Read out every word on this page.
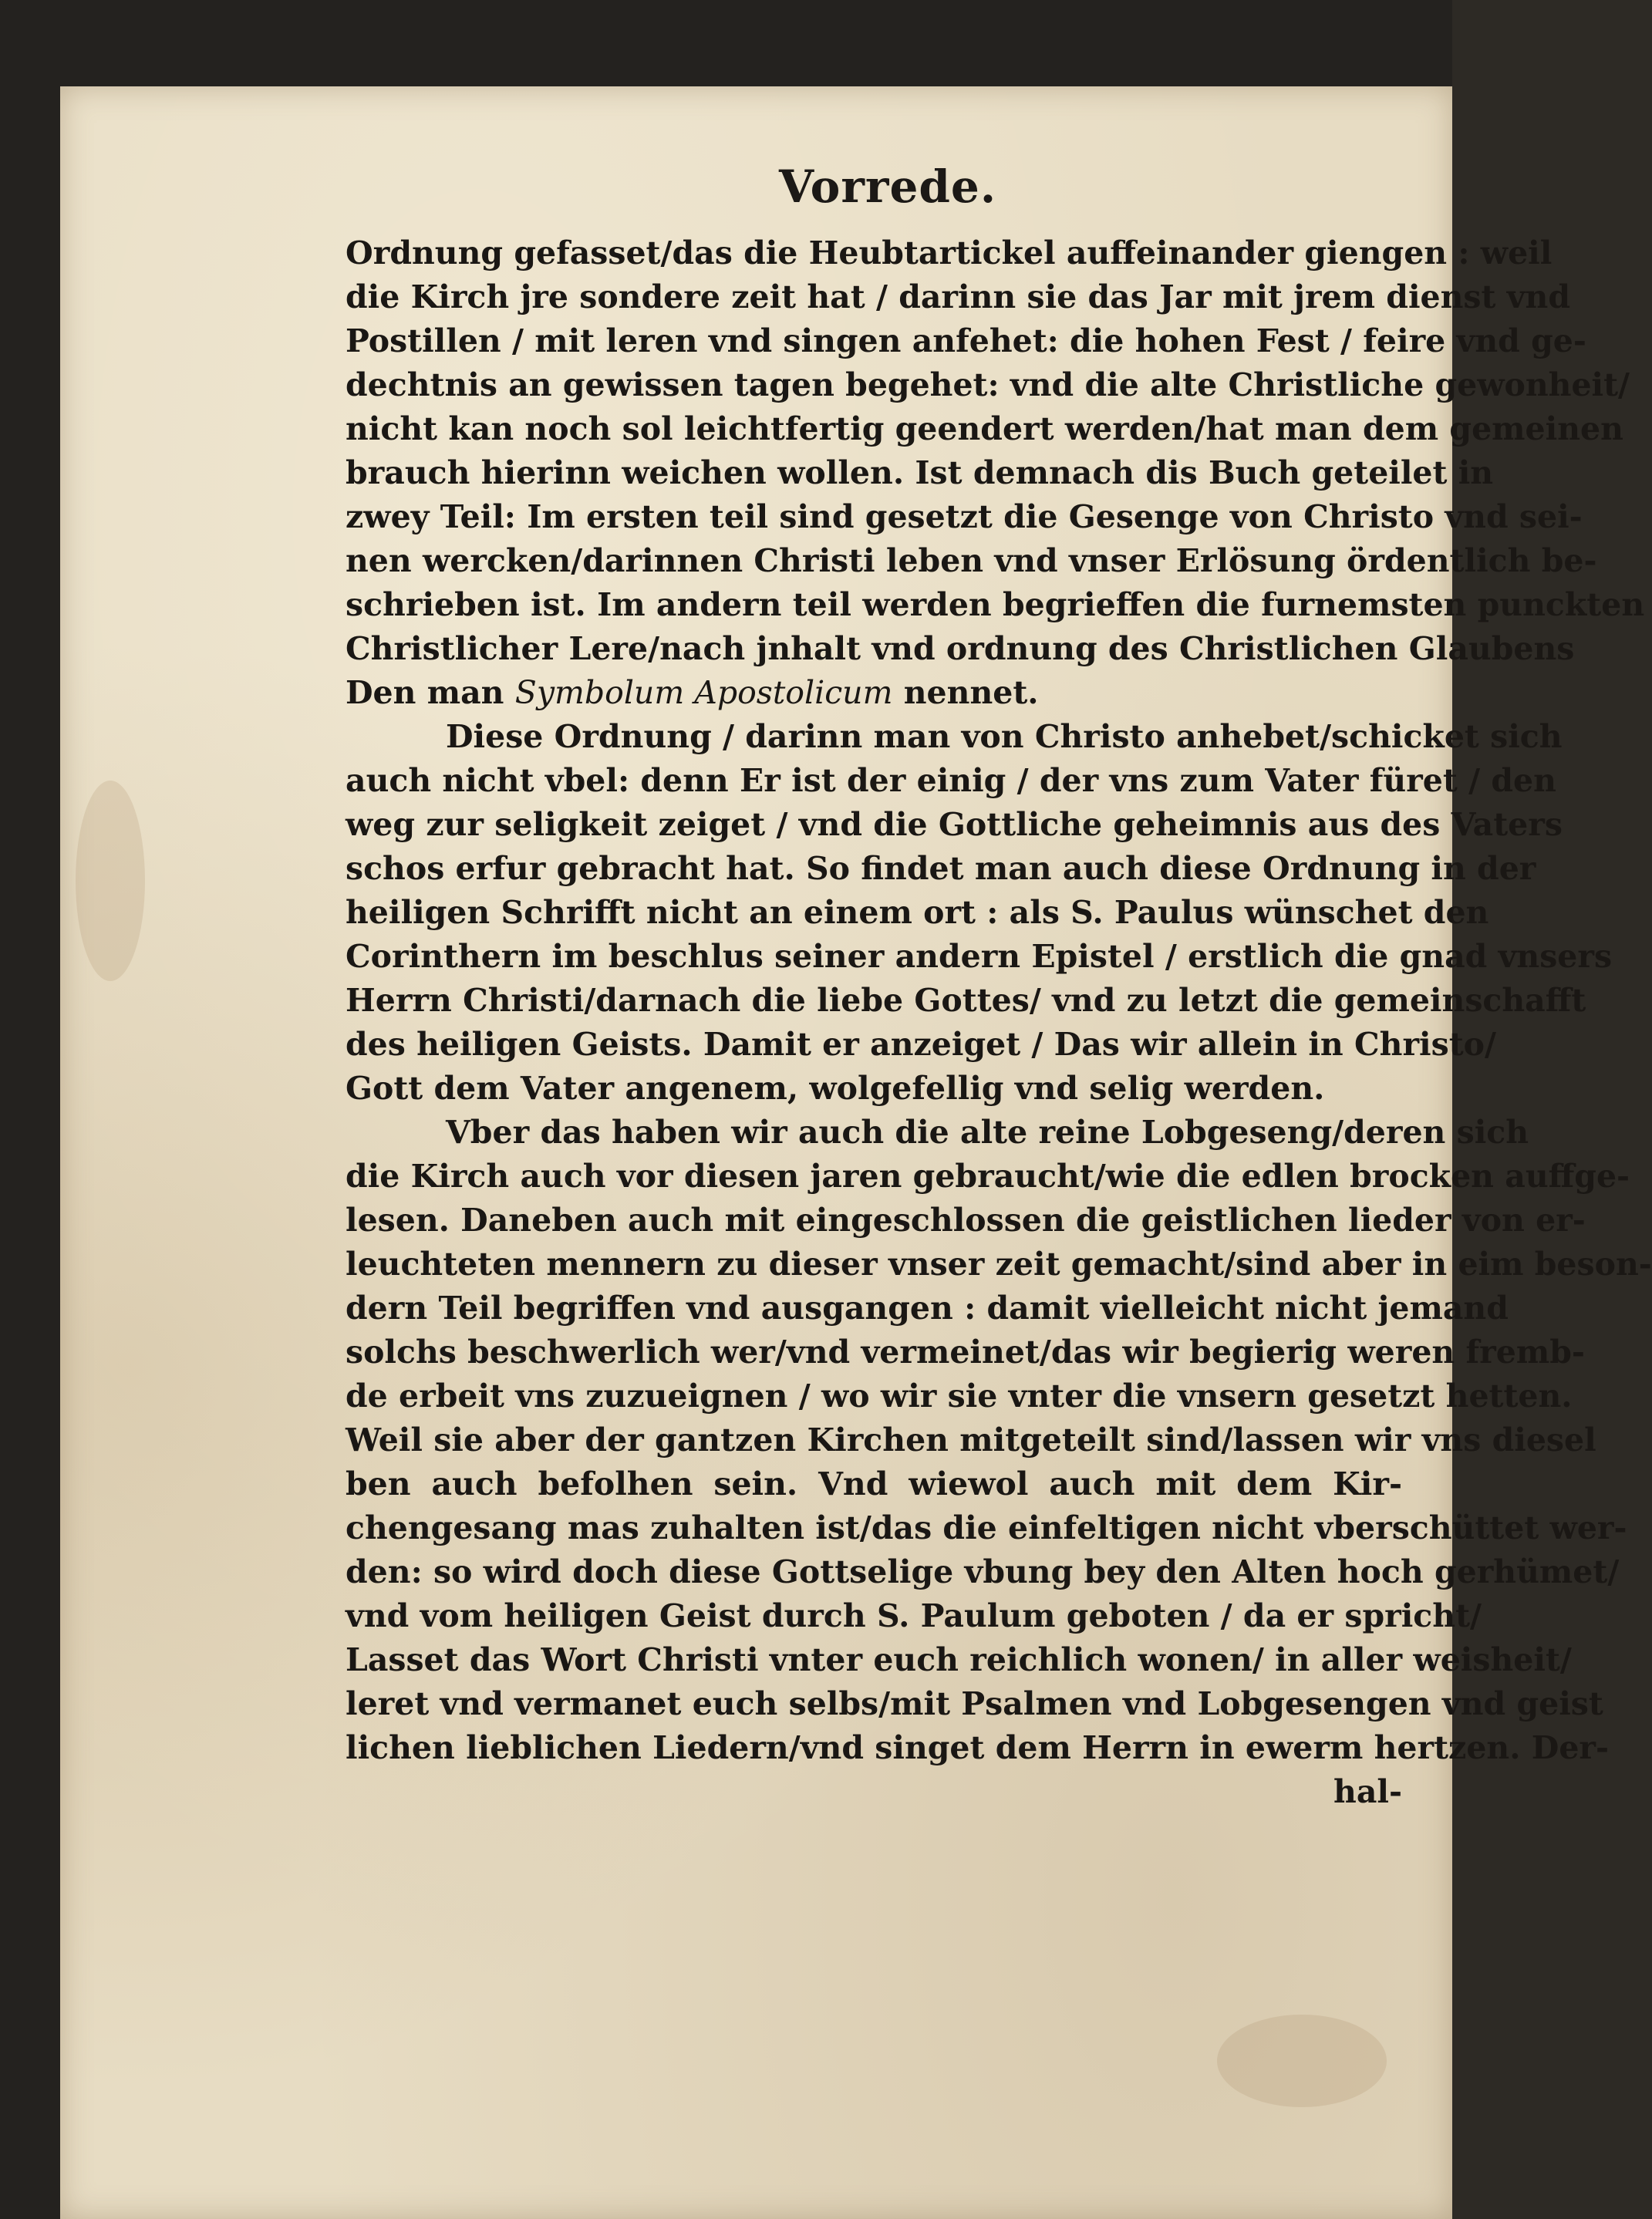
Vorrede.
Ordnung gefasset/das die Heubtartickel auffeinander giengen : weil
die Kirch jre sondere zeit hat / darinn sie das Jar mit jrem dienst vnd
Postillen / mit leren vnd singen anfehet: die hohen Fest / feire vnd ge-
dechtnis an gewissen tagen begehet: vnd die alte Christliche gewonheit/
nicht kan noch sol leichtfertig geendert werden/hat man dem gemeinen
brauch hierinn weichen wollen. Ist demnach dis Buch geteilet in
zwey Teil: Im ersten teil sind gesetzt die Gesenge von Christo vnd sei-
nen wercken/darinnen Christi leben vnd vnser Erlösung ördentlich be-
schrieben ist. Im andern teil werden begrieffen die furnemsten punckten
Christlicher Lere/nach jnhalt vnd ordnung des Christlichen Glaubens
Den man Symbolum Apostolicum nennet.
Diese Ordnung / darinn man von Christo anhebet/schicket sich
auch nicht vbel: denn Er ist der einig / der vns zum Vater füret / den
weg zur seligkeit zeiget / vnd die Gottliche geheimnis aus des Vaters
schos erfur gebracht hat. So findet man auch diese Ordnung in der
heiligen Schrifft nicht an einem ort : als S. Paulus wünschet den
Corinthern im beschlus seiner andern Epistel / erstlich die gnad vnsers
Herrn Christi/darnach die liebe Gottes/ vnd zu letzt die gemeinschafft
des heiligen Geists. Damit er anzeiget / Das wir allein in Christo/
Gott dem Vater angenem, wolgefellig vnd selig werden.
Vber das haben wir auch die alte reine Lobgeseng/deren sich
die Kirch auch vor diesen jaren gebraucht/wie die edlen brocken auffge-
lesen. Daneben auch mit eingeschlossen die geistlichen lieder von er-
leuchteten mennern zu dieser vnser zeit gemacht/sind aber in eim beson-
dern Teil begriffen vnd ausgangen : damit vielleicht nicht jemand
solchs beschwerlich wer/vnd vermeinet/das wir begierig weren fremb-
de erbeit vns zuzueignen / wo wir sie vnter die vnsern gesetzt hetten.
Weil sie aber der gantzen Kirchen mitgeteilt sind/lassen wir vns diesel
ben auch befolhen sein. Vnd wiewol auch mit dem Kir-
chengesang mas zuhalten ist/das die einfeltigen nicht vberschüttet wer-
den: so wird doch diese Gottselige vbung bey den Alten hoch gerhümet/
vnd vom heiligen Geist durch S. Paulum geboten / da er spricht/
Lasset das Wort Christi vnter euch reichlich wonen/ in aller weisheit/
leret vnd vermanet euch selbs/mit Psalmen vnd Lobgesengen vnd geist
lichen lieblichen Liedern/vnd singet dem Herrn in ewerm hertzen. Der-
hal-
